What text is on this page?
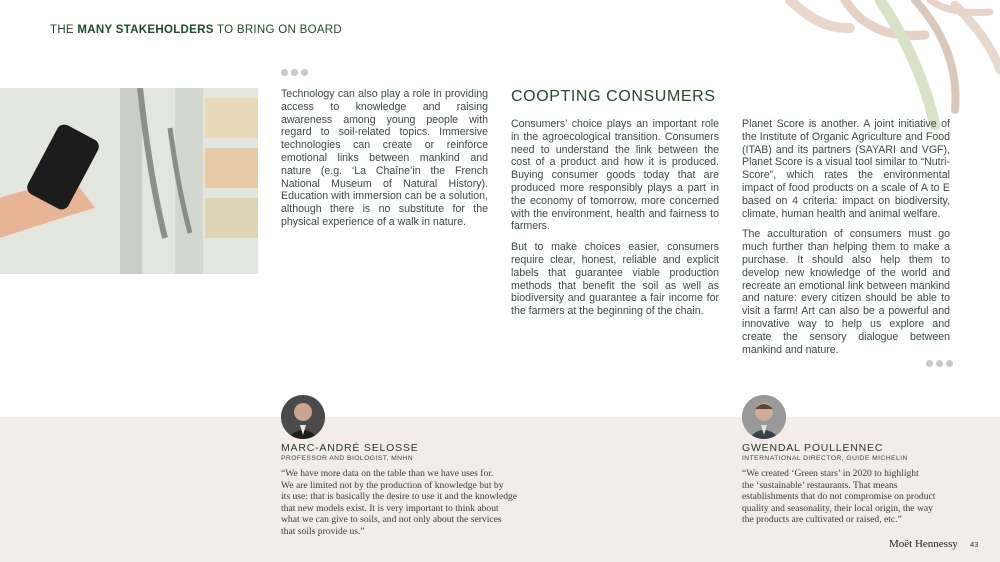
THE MANY STAKEHOLDERS TO BRING ON BOARD

Technology can also play a role in providing access to knowledge and raising awareness among young people with regard to soil-related topics. Immersive technologies can create or reinforce emotional links between mankind and nature (e.g. ‘La Chaîne’in the French National Museum of Natural History). Education with immersion can be a solution, although there is no substitute for the physical experience of a walk in nature.

COOPTING CONSUMERS

Consumers’ choice plays an important role in the agroecological transition. Consumers need to understand the link between the cost of a product and how it is produced. Buying consumer goods today that are produced more responsibly plays a part in the economy of tomorrow, more concerned with the environment, health and fairness to farmers.

But to make choices easier, consumers require clear, honest, reliable and explicit labels that guarantee viable production methods that benefit the soil as well as biodiversity and guarantee a fair income for the farmers at the beginning of the chain.

Planet Score is another. A joint initiative of the Institute of Organic Agriculture and Food (ITAB) and its partners (SAYARI and VGF), Planet Score is a visual tool similar to “Nutri-Score”, which rates the environmental impact of food products on a scale of A to E based on 4 criteria: impact on biodiversity, climate, human health and animal welfare.

The acculturation of consumers must go much further than helping them to make a purchase. It should also help them to develop new knowledge of the world and recreate an emotional link between mankind and nature: every citizen should be able to visit a farm! Art can also be a powerful and innovative way to help us explore and create the sensory dialogue between mankind and nature.

MARC-ANDRÉ SELOSSE
PROFESSOR AND BIOLOGIST, MNHN
“We have more data on the table than we have uses for.
We are limited not by the production of knowledge but by
its use: that is basically the desire to use it and the knowledge
that new models exist. It is very important to think about
what we can give to soils, and not only about the services
that soils provide us.”
GWENDAL POULLENNEC
INTERNATIONAL DIRECTOR, GUIDE MICHELIN
“We created ‘Green stars’ in 2020 to highlight
the ‘sustainable’ restaurants. That means
establishments that do not compromise on product
quality and seasonality, their local origin, the way
the products are cultivated or raised, etc.”
Moët Hennessy 43
